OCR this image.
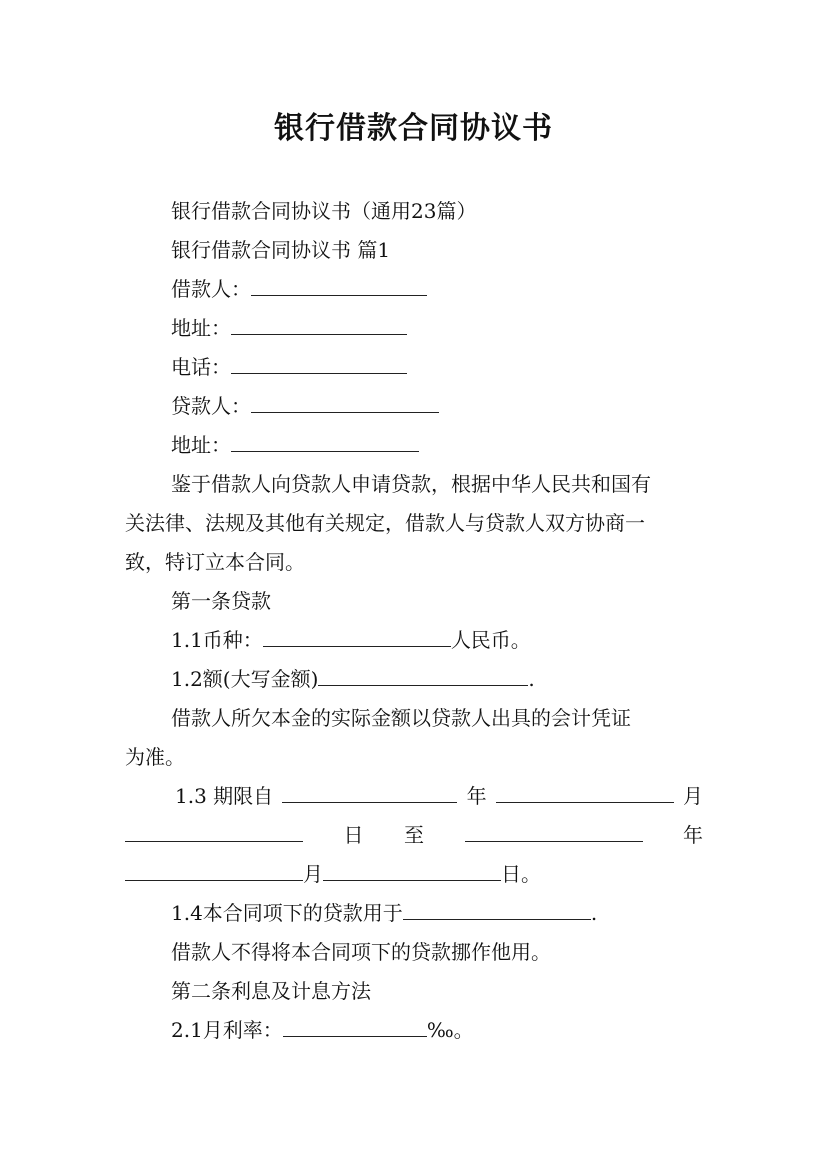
银行借款合同协议书
银行借款合同协议书（通用23篇）
银行借款合同协议书 篇1
借款人：
地址：
电话：
贷款人：
地址：
鉴于借款人向贷款人申请贷款，根据中华人民共和国有
关法律、法规及其他有关规定，借款人与贷款人双方协商一
致，特订立本合同。
第一条贷款
1.1币种：	人民币。
1.2额(大写金额)	.
借款人所欠本金的实际金额以贷款人出具的会计凭证
为准。
1.3 期限自	年	月
日 至	年
月	日。
1.4本合同项下的贷款用于	.
借款人不得将本合同项下的贷款挪作他用。
第二条利息及计息方法
2.1月利率：	‰。
